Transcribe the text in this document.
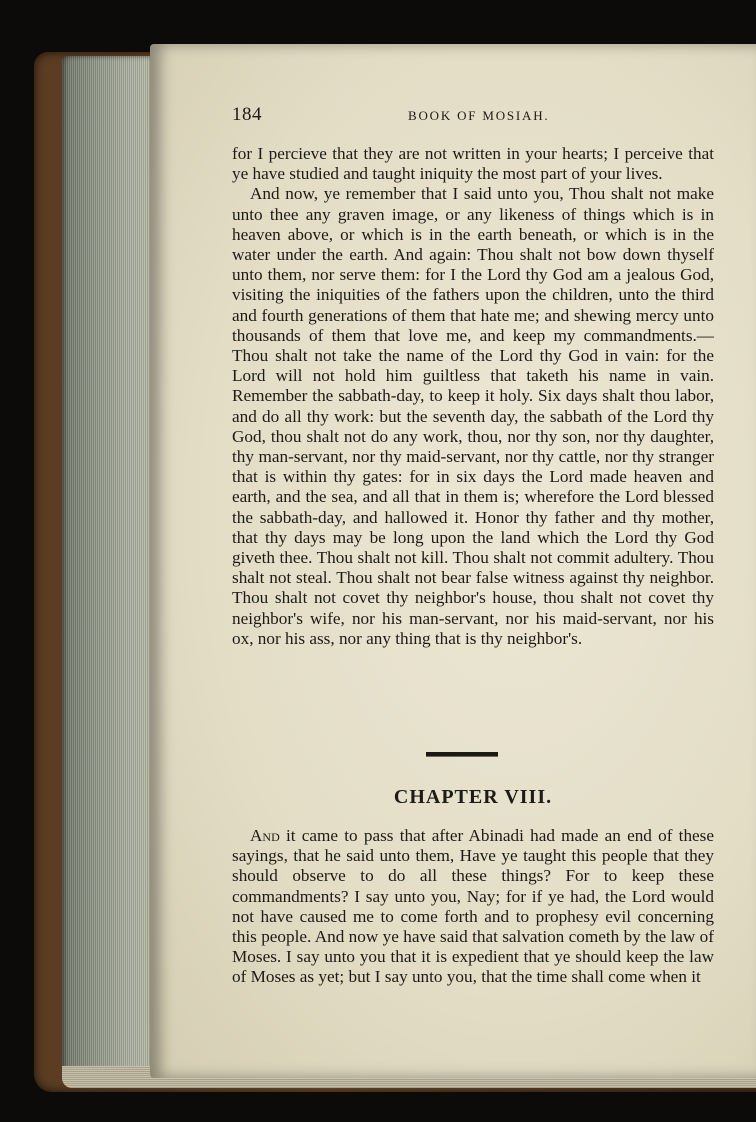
184	BOOK OF MOSIAH.

for I percieve that they are not written in your hearts; I perceive that ye have studied and taught iniquity the most part of your lives.

And now, ye remember that I said unto you, Thou shalt not make unto thee any graven image, or any likeness of things which is in heaven above, or which is in the earth beneath, or which is in the water under the earth. And again: Thou shalt not bow down thyself unto them, nor serve them: for I the Lord thy God am a jealous God, visiting the iniquities of the fathers upon the children, unto the third and fourth generations of them that hate me; and shewing mercy unto thousands of them that love me, and keep my commandments.—Thou shalt not take the name of the Lord thy God in vain: for the Lord will not hold him guiltless that taketh his name in vain. Remember the sabbath-day, to keep it holy. Six days shalt thou labor, and do all thy work: but the seventh day, the sabbath of the Lord thy God, thou shalt not do any work, thou, nor thy son, nor thy daughter, thy man-servant, nor thy maid-servant, nor thy cattle, nor thy stranger that is within thy gates: for in six days the Lord made heaven and earth, and the sea, and all that in them is; wherefore the Lord blessed the sabbath-day, and hallowed it. Honor thy father and thy mother, that thy days may be long upon the land which the Lord thy God giveth thee. Thou shalt not kill. Thou shalt not commit adultery. Thou shalt not steal. Thou shalt not bear false witness against thy neighbor. Thou shalt not covet thy neighbor's house, thou shalt not covet thy neighbor's wife, nor his man-servant, nor his maid-servant, nor his ox, nor his ass, nor any thing that is thy neighbor's.

CHAPTER VIII.

And it came to pass that after Abinadi had made an end of these sayings, that he said unto them, Have ye taught this people that they should observe to do all these things? For to keep these commandments? I say unto you, Nay; for if ye had, the Lord would not have caused me to come forth and to prophesy evil concerning this people. And now ye have said that salvation cometh by the law of Moses. I say unto you that it is expedient that ye should keep the law of Moses as yet; but I say unto you, that the time shall come when it
